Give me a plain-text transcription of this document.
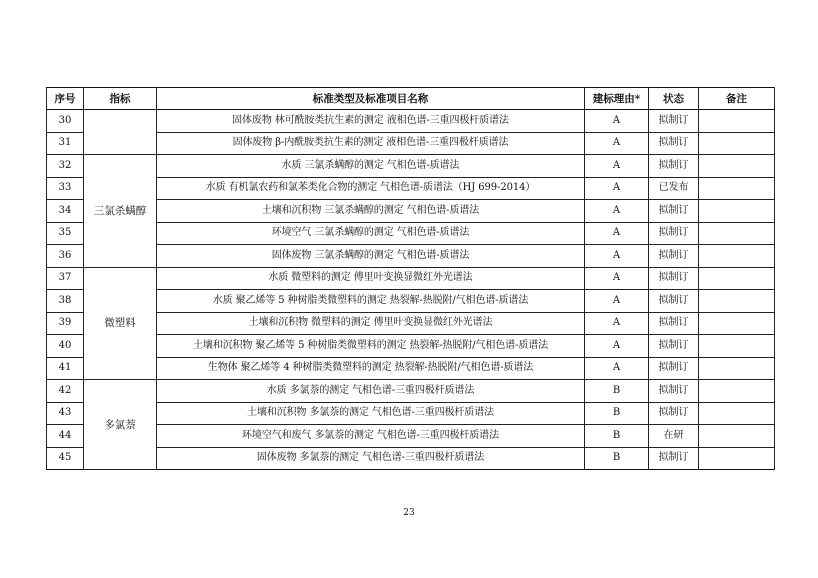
序号	指标	标准类型及标准项目名称	建标理由*	状态	备注
30		固体废物 林可酰胺类抗生素的测定 液相色谱-三重四极杆质谱法	A	拟制订	
31		固体废物 β-内酰胺类抗生素的测定 液相色谱-三重四极杆质谱法	A	拟制订	
32	三氯杀螨醇	水质 三氯杀螨醇的测定 气相色谱-质谱法	A	拟制订	
33		水质 有机氯农药和氯苯类化合物的测定 气相色谱-质谱法（HJ 699-2014）	A	已发布	
34		土壤和沉积物 三氯杀螨醇的测定 气相色谱-质谱法	A	拟制订	
35		环境空气 三氯杀螨醇的测定 气相色谱-质谱法	A	拟制订	
36		固体废物 三氯杀螨醇的测定 气相色谱-质谱法	A	拟制订	
37	微塑料	水质 微塑料的测定 傅里叶变换显微红外光谱法	A	拟制订	
38		水质 聚乙烯等 5 种树脂类微塑料的测定 热裂解-热脱附/气相色谱-质谱法	A	拟制订	
39		土壤和沉积物 微塑料的测定 傅里叶变换显微红外光谱法	A	拟制订	
40		土壤和沉积物 聚乙烯等 5 种树脂类微塑料的测定 热裂解-热脱附/气相色谱-质谱法	A	拟制订	
41		生物体 聚乙烯等 4 种树脂类微塑料的测定 热裂解-热脱附/气相色谱-质谱法	A	拟制订	
42	多氯萘	水质 多氯萘的测定 气相色谱-三重四极杆质谱法	B	拟制订	
43		土壤和沉积物 多氯萘的测定 气相色谱-三重四极杆质谱法	B	拟制订	
44		环境空气和废气 多氯萘的测定 气相色谱-三重四极杆质谱法	B	在研	
45		固体废物 多氯萘的测定 气相色谱-三重四极杆质谱法	B	拟制订	
23
